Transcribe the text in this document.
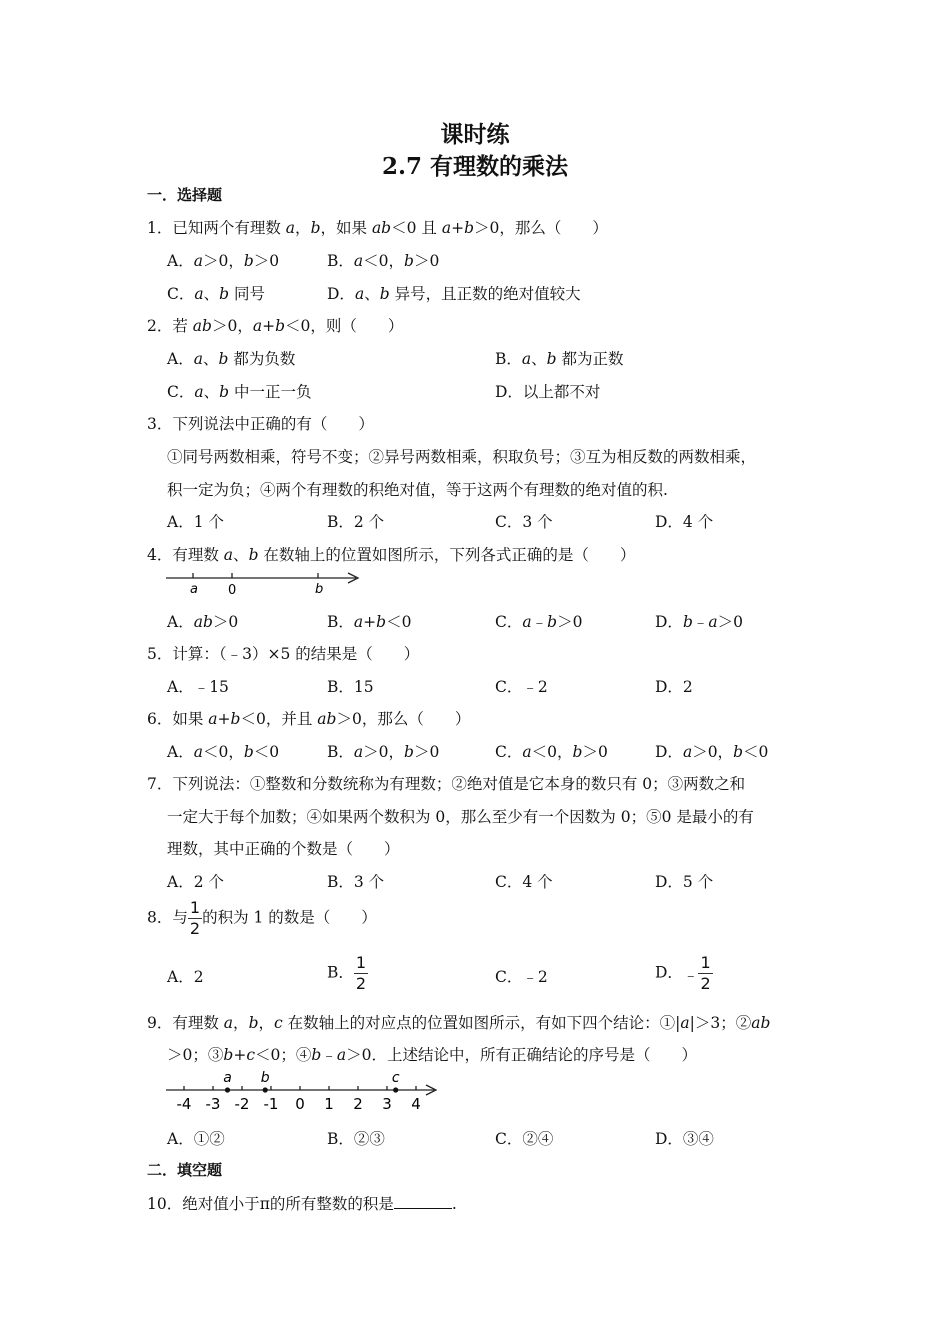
课时练
2.7 有理数的乘法
一．选择题
1．已知两个有理数 a，b，如果 ab＜0 且 a+b＞0，那么（　　）
A．a＞0，b＞0	B．a＜0，b＞0
C．a、b 同号	D．a、b 异号，且正数的绝对值较大
2．若 ab＞0，a+b＜0，则（　　）
A．a、b 都为负数	B．a、b 都为正数
C．a、b 中一正一负	D．以上都不对
3．下列说法中正确的有（　　）
①同号两数相乘，符号不变；②异号两数相乘，积取负号；③互为相反数的两数相乘，
积一定为负；④两个有理数的积绝对值，等于这两个有理数的绝对值的积.
A．1 个	B．2 个	C．3 个	D．4 个
4．有理数 a、b 在数轴上的位置如图所示，下列各式正确的是（　　）
a 0	b
A．ab＞0	B．a+b＜0	C．a﹣b＞0	D．b﹣a＞0
5．计算：（﹣3）×5 的结果是（　　）
A．﹣15	B．15	C．﹣2	D．2
6．如果 a+b＜0，并且 ab＞0，那么（　　）
A．a＜0，b＜0	B．a＞0，b＞0	C．a＜0，b＞0	D．a＞0，b＜0
7．下列说法：①整数和分数统称为有理数；②绝对值是它本身的数只有 0；③两数之和
一定大于每个加数；④如果两个数积为 0，那么至少有一个因数为 0；⑤0 是最小的有
理数，其中正确的个数是（　　）
A．2 个	B．3 个	C．4 个	D．5 个
8．与 $\frac{1}{2}$ 的积为 1 的数是（　　）
A．2	B． $\frac{1}{2}$	C．﹣2	D．﹣ $\frac{1}{2}$
9．有理数 a，b，c 在数轴上的对应点的位置如图所示，有如下四个结论：①|a|＞3；②ab
＞0；③b+c＜0；④b﹣a＞0．上述结论中，所有正确结论的序号是（　　）
-4 -3 -2 -1 0 1 2 3 4
a b	c
A．①②	B．②③	C．②④	D．③④
二．填空题
10．绝对值小于π的所有整数的积是	.
